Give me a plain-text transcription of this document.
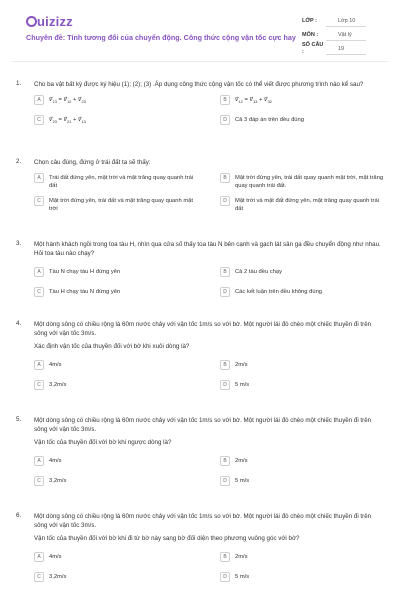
uizizz
Chuyên đề: Tính tương đối của chuyển động. Công thức cộng vận tốc cực hay
LỚP :	Lớp 10
MÔN :	Vật lý
SỐ CÂU :
19
1. Cho ba vật bất kỳ được ký hiệu (1); (2); (3) .Áp dụng công thức cộng vận tốc có thể viết được phương trình nào kể sau?
A	$v⃗_{13}$ = $v⃗_{12}$ + $v⃗_{23}$	B	$v⃗_{12}$ = $v⃗_{13}$ + $v⃗_{32}$
C	$v⃗_{23}$ = $v⃗_{21}$ + $v⃗_{13}$	D	Cả 3 đáp án trên đều đúng
2. Chọn câu đúng, đứng ở trái đất ta sẽ thấy:
A	Trái đất đứng yên, mặt trời và mặt trăng quay quanh trái đất
B	Mặt trời đứng yên, trái đất quay quanh mặt trời, mặt trăng quay quanh trái đất.
C	Mặt trời đứng yên, trái đất và mặt trăng quay quanh mặt trời
D	Mặt trời và mặt đất đứng yên, mặt trăng quay quanh trái đất
3. Một hành khách ngồi trong toa tàu H, nhìn qua cửa số thấy toa tàu N bên cạnh và gạch lát sân ga đều chuyển động như nhau. Hỏi toa tàu nào chạy?
A	Tàu N chạy tàu H đứng yên	B	Cả 2 tàu đều chạy
C	Tàu H chạy tàu N đứng yên	D	Các kết luận trên đều không đúng
4. Một dòng sông có chiều rộng là 60m nước chảy với vận tốc 1m/s so với bờ. Một người lái đò chèo một chiếc thuyền đi trên sông với vận tốc 3m/s.
Xác định vận tốc của thuyền đối với bờ khi xuôi dòng là?
A	4m/s	B	2m/s
C	3,2m/s	D	5 m/s
5. Một dòng sông có chiều rộng là 60m nước chảy với vận tốc 1m/s so với bờ. Một người lái đò chèo một chiếc thuyền đi trên sông với vận tốc 3m/s.
Vận tốc của thuyền đối với bờ khi ngược dòng là?
A	4m/s	B	2m/s
C	3,2m/s	D	5 m/s
6. Một dòng sông có chiều rộng là 60m nước chảy với vận tốc 1m/s so với bờ. Một người lái đò chèo một chiếc thuyền đi trên sông với vận tốc 3m/s.
Vận tốc của thuyền đối với bờ khi đi từ bờ này sang bờ đối diện theo phương vuông góc với bờ?
A	4m/s	B	2m/s
C	3,2m/s	D	5 m/s
